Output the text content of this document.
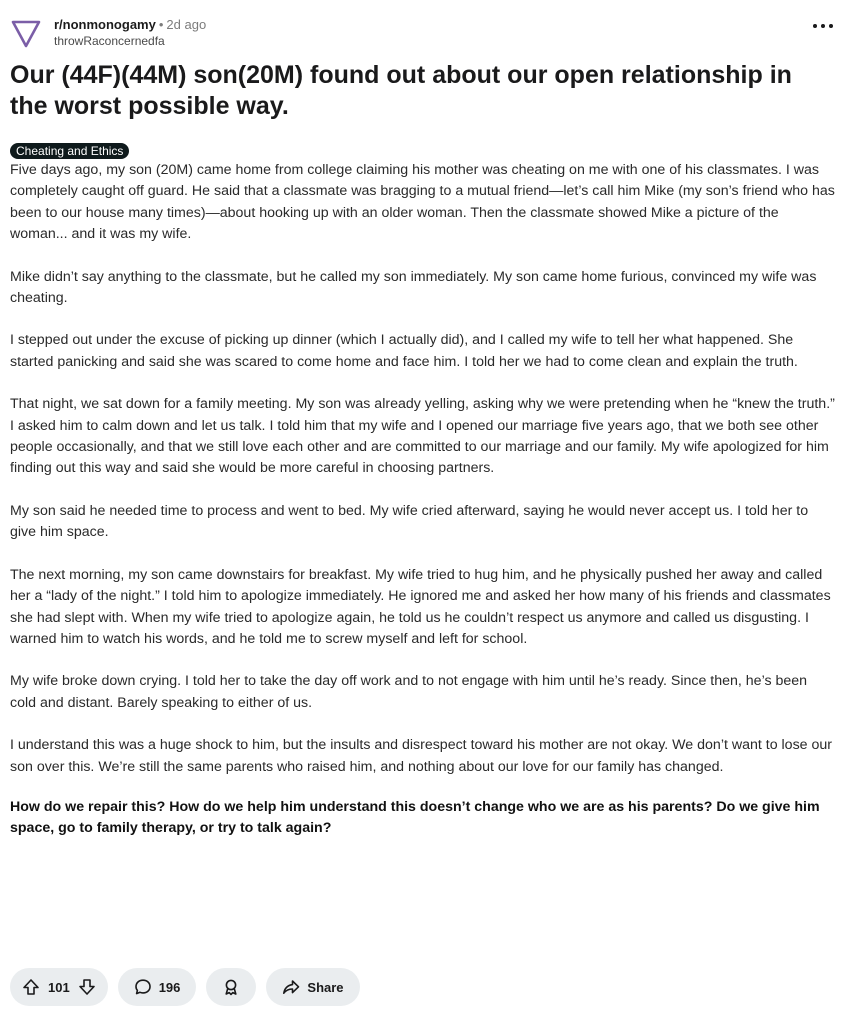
r/nonmonogamy • 2d ago
throwRaconcernedfa
Our (44F)(44M) son(20M) found out about our open relationship in the worst possible way.
Cheating and Ethics

Five days ago, my son (20M) came home from college claiming his mother was cheating on me with one of his classmates. I was completely caught off guard. He said that a classmate was bragging to a mutual friend—let’s call him Mike (my son’s friend who has been to our house many times)—about hooking up with an older woman. Then the classmate showed Mike a picture of the woman... and it was my wife.

Mike didn’t say anything to the classmate, but he called my son immediately. My son came home furious, convinced my wife was cheating.

I stepped out under the excuse of picking up dinner (which I actually did), and I called my wife to tell her what happened. She started panicking and said she was scared to come home and face him. I told her we had to come clean and explain the truth.

That night, we sat down for a family meeting. My son was already yelling, asking why we were pretending when he “knew the truth.” I asked him to calm down and let us talk. I told him that my wife and I opened our marriage five years ago, that we both see other people occasionally, and that we still love each other and are committed to our marriage and our family. My wife apologized for him finding out this way and said she would be more careful in choosing partners.

My son said he needed time to process and went to bed. My wife cried afterward, saying he would never accept us. I told her to give him space.

The next morning, my son came downstairs for breakfast. My wife tried to hug him, and he physically pushed her away and called her a “lady of the night.” I told him to apologize immediately. He ignored me and asked her how many of his friends and classmates she had slept with. When my wife tried to apologize again, he told us he couldn’t respect us anymore and called us disgusting. I warned him to watch his words, and he told me to screw myself and left for school.

My wife broke down crying. I told her to take the day off work and to not engage with him until he’s ready. Since then, he’s been cold and distant. Barely speaking to either of us.

I understand this was a huge shock to him, but the insults and disrespect toward his mother are not okay. We don’t want to lose our son over this. We’re still the same parents who raised him, and nothing about our love for our family has changed.

How do we repair this? How do we help him understand this doesn’t change who we are as his parents? Do we give him space, go to family therapy, or try to talk again?

101	196	Share
